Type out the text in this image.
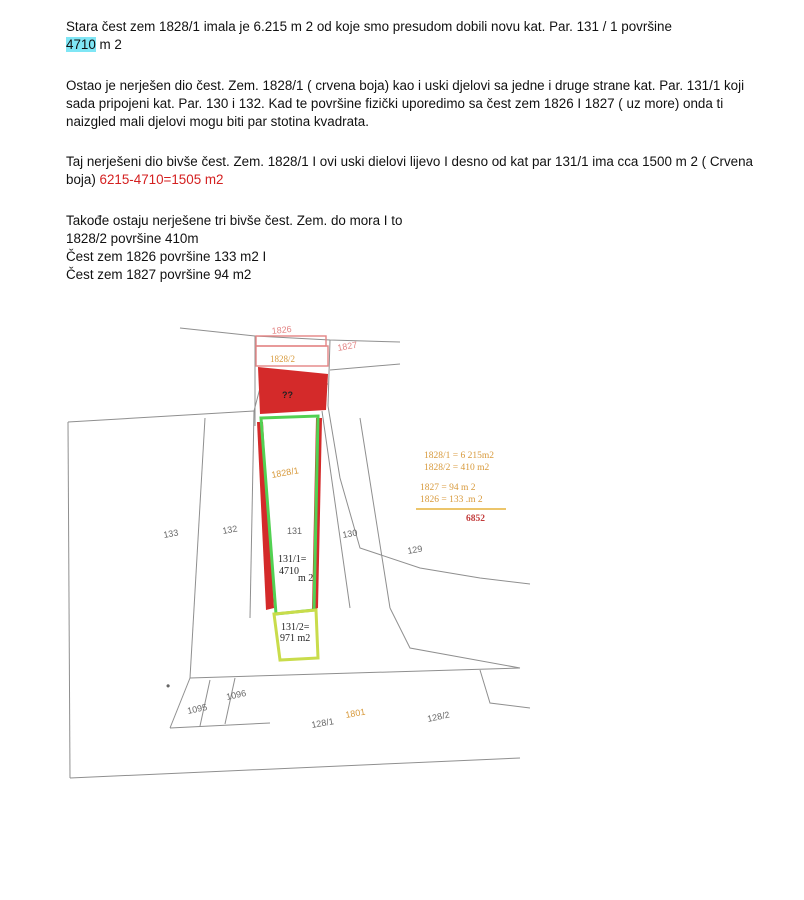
Stara čest zem 1828/1 imala je 6.215 m 2 od koje smo presudom dobili novu kat. Par. 131 / 1 površine
4710 m 2

Ostao je nerješen dio čest. Zem. 1828/1 ( crvena boja) kao i uski djelovi sa jedne i druge strane kat. Par. 131/1 koji sada pripojeni kat. Par. 130 i 132. Kad te površine fizički uporedimo sa čest zem 1826 I 1827 ( uz more) onda ti naizgled mali djelovi mogu biti par stotina kvadrata.

Taj nerješeni dio bivše čest. Zem. 1828/1 I ovi uski dielovi lijevo I desno od kat par 131/1 ima cca 1500 m 2 ( Crvena boja) 6215-4710=1505 m2

Takođe ostaju nerješene tri bivše čest. Zem. do mora I to

1828/2 površine 410m

Čest zem 1826 površine 133 m2 I

Čest zem 1827 površine 94 m2

1826
1827
1828/2
??
1828/1
133	132	131	130
129
•
1095
1096
128/1
1801	128/2
131/1=
4710
m 2
131/2=
971 m2
1828/1 = 6 215m2
1828/2 = 410 m2
1827 = 94 m 2
1826 = 133 .m 2
6852
